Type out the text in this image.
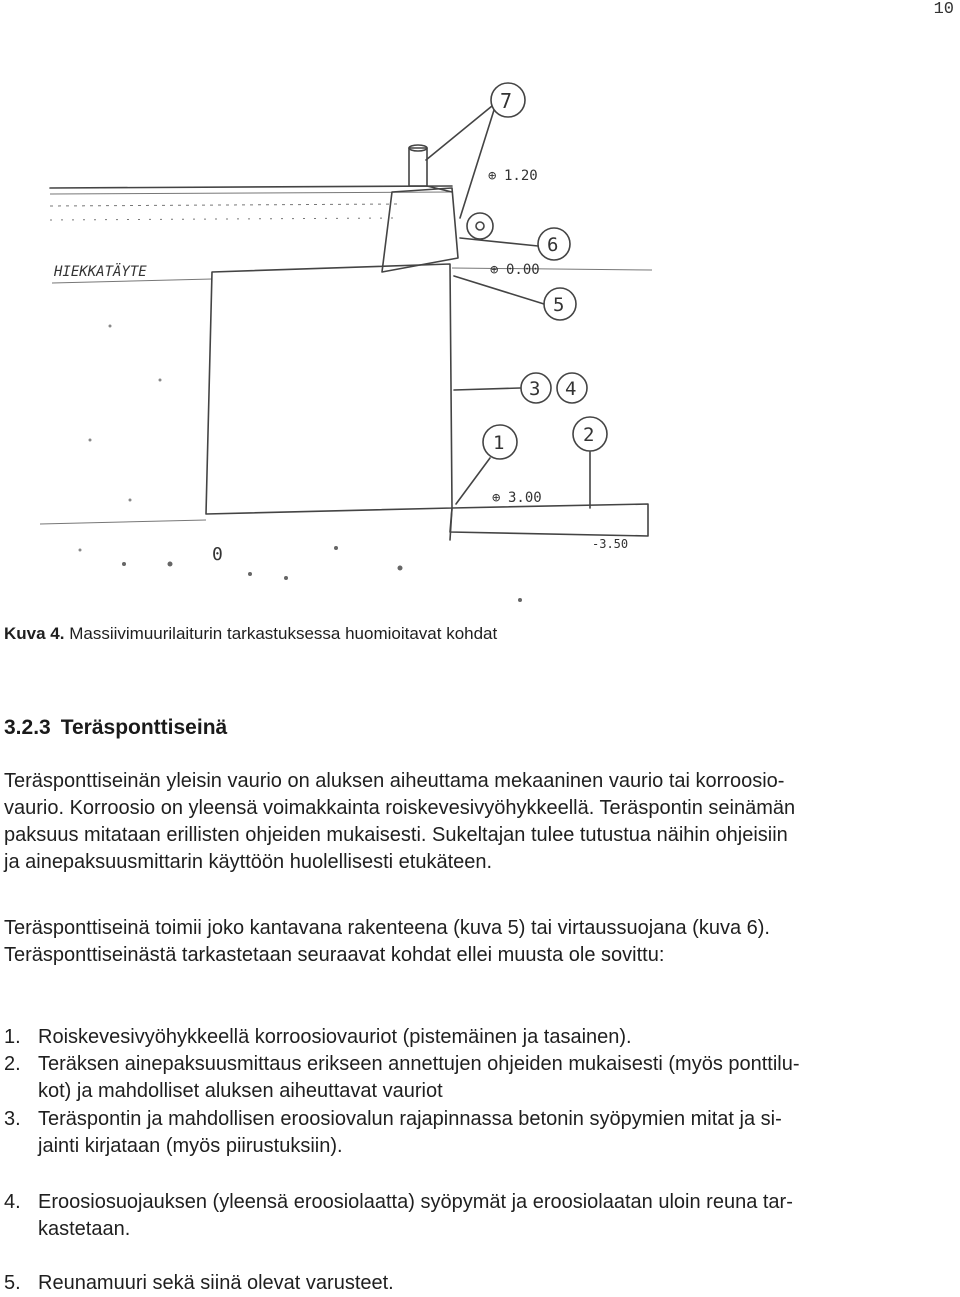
10
HIEKKATÄYTE
0
⊕ 1.20
⊕ 0.00
⊕ 3.00
-3.50
7
6
5
3 4
1	2
Kuva 4. Massiivimuurilaiturin tarkastuksessa huomioitavat kohdat
3.2.3 Teräsponttiseinä
Teräsponttiseinän yleisin vaurio on aluksen aiheuttama mekaaninen vaurio tai korroosio-
vaurio. Korroosio on yleensä voimakkainta roiskevesivyöhykkeellä. Teräspontin seinämän
paksuus mitataan erillisten ohjeiden mukaisesti. Sukeltajan tulee tutustua näihin ohjeisiin
ja ainepaksuusmittarin käyttöön huolellisesti etukäteen.
Teräsponttiseinä toimii joko kantavana rakenteena (kuva 5) tai virtaussuojana (kuva 6).
Teräsponttiseinästä tarkastetaan seuraavat kohdat ellei muusta ole sovittu:
1. Roiskevesivyöhykkeellä korroosiovauriot (pistemäinen ja tasainen).
2. Teräksen ainepaksuusmittaus erikseen annettujen ohjeiden mukaisesti (myös ponttilu-
kot) ja mahdolliset aluksen aiheuttavat vauriot
3. Teräspontin ja mahdollisen eroosiovalun rajapinnassa betonin syöpymien mitat ja si-
jainti kirjataan (myös piirustuksiin).
4. Eroosiosuojauksen (yleensä eroosiolaatta) syöpymät ja eroosiolaatan uloin reuna tar-
kastetaan.
5. Reunamuuri sekä siinä olevat varusteet.
